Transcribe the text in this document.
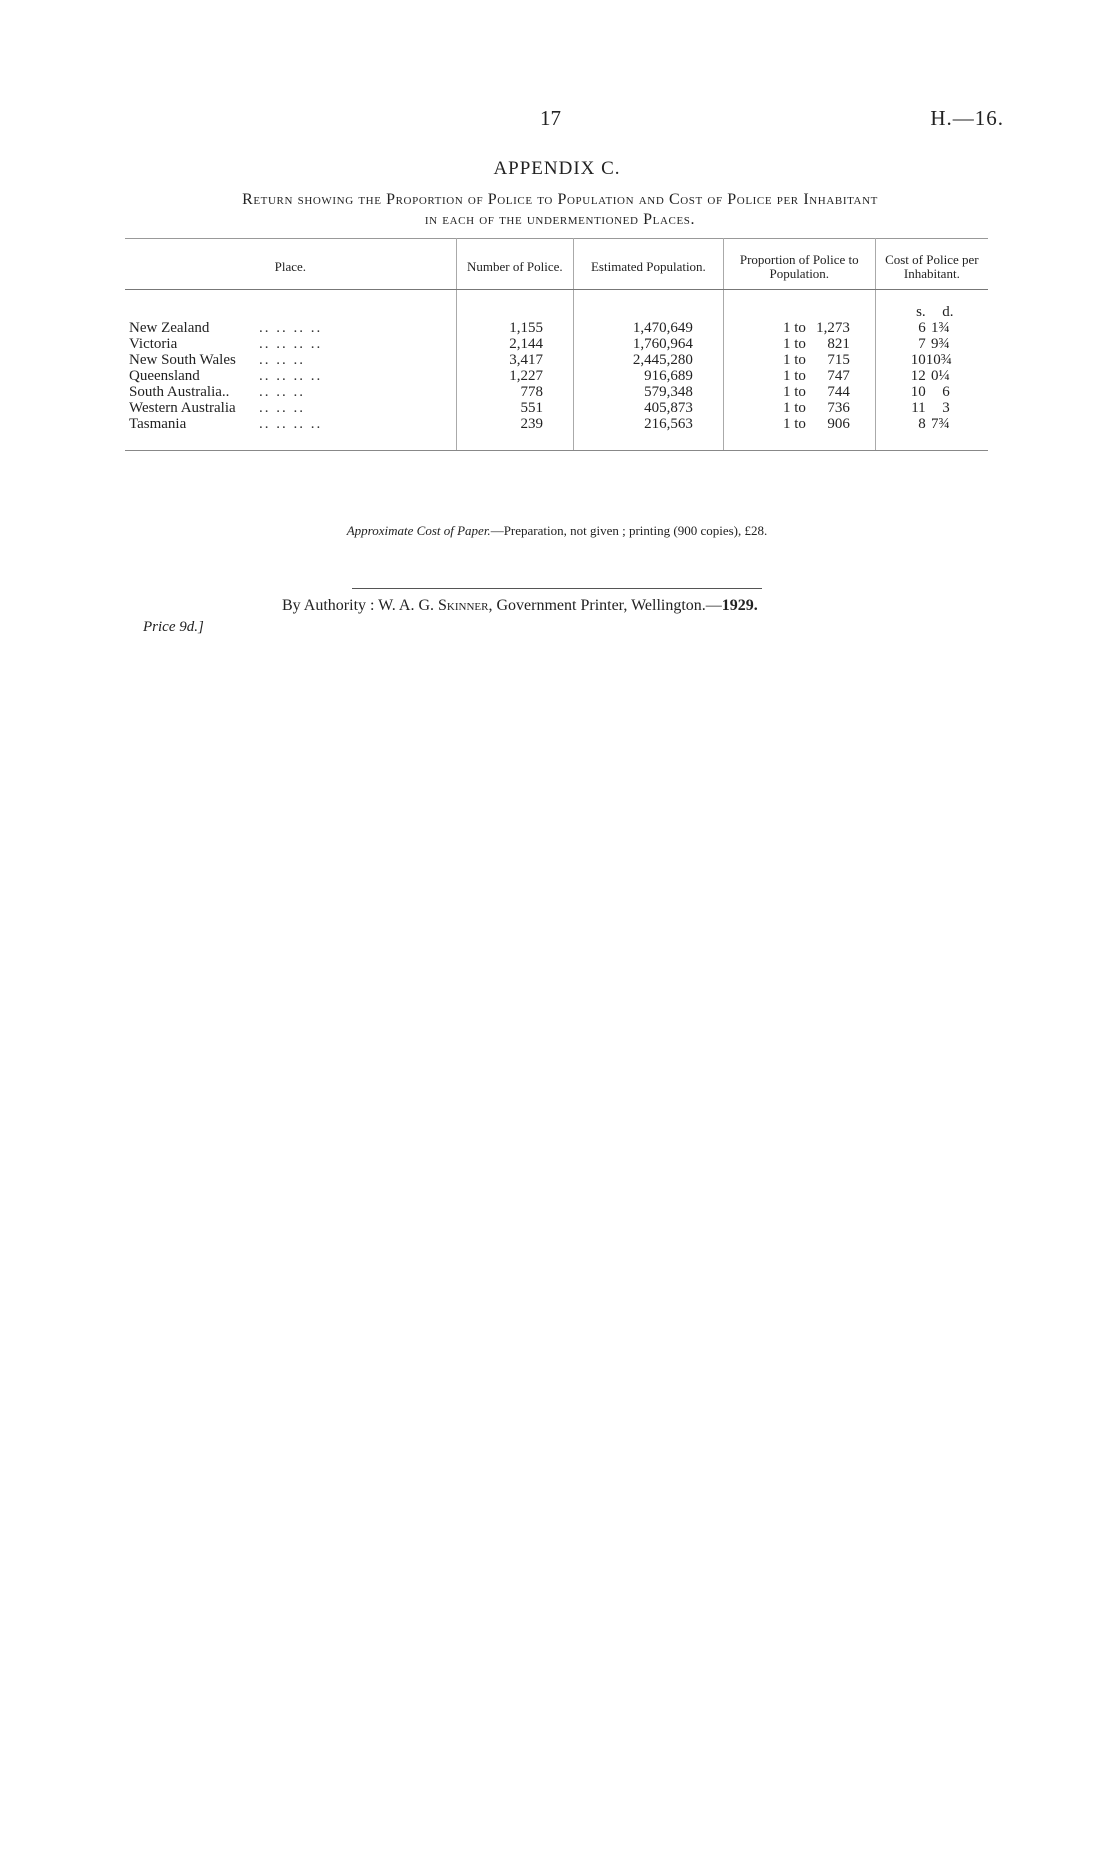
17	H.—16.
APPENDIX C.
Return showing the Proportion of Police to Population and Cost of Police per Inhabitant
in each of the undermentioned Places.
Place.	Number of Police.	Estimated Population.	Proportion of Police to Population.	Cost of Police per Inhabitant.
				s. d.
New Zealand .. .. .. ..	1,155	1,470,649	1 to 1,273	6 1¾
Victoria .. .. .. ..	2,144	1,760,964	1 to 821	7 9¾
New South Wales .. .. ..	3,417	2,445,280	1 to 715	1010¾
Queensland .. .. .. ..	1,227	916,689	1 to 747	12 0¼
South Australia.. .. .. ..	778	579,348	1 to 744	10 6
Western Australia .. .. ..	551	405,873	1 to 736	11 3
Tasmania .. .. .. ..	239	216,563	1 to 906	8 7¾
Approximate Cost of Paper.—Preparation, not given ; printing (900 copies), £28.
By Authority : W. A. G. Skinner, Government Printer, Wellington.—1929.
Price 9d.]
